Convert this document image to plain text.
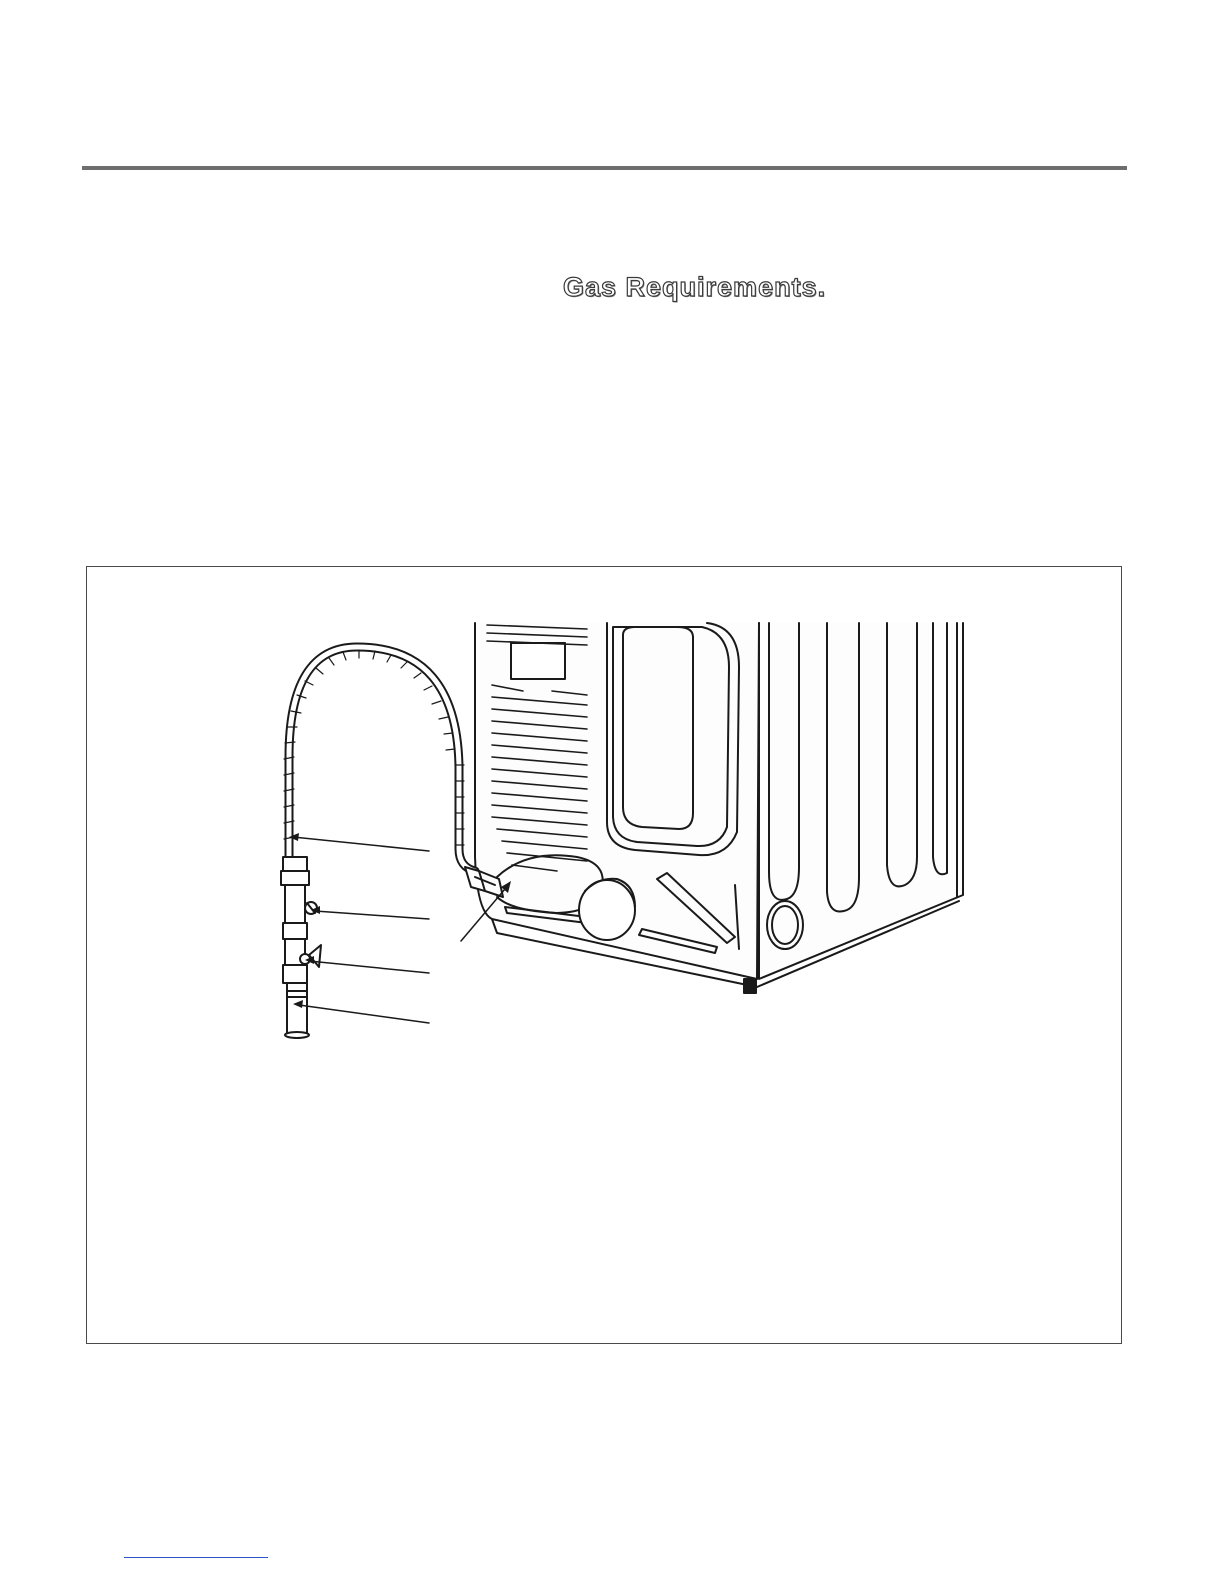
Gas Requirements.
